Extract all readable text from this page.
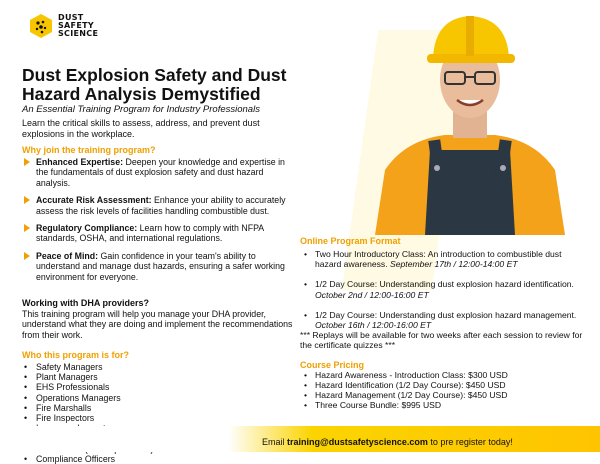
DUST
SAFETY
SCIENCE
Dust Explosion Safety and Dust
Hazard Analysis Demystified
An Essential Training Program for Industry Professionals
Learn the critical skills to assess, address, and prevent dust explosions in the workplace.
Why join the training program?
Enhanced Expertise: Deepen your knowledge and expertise in the fundamentals of dust explosion safety and dust hazard analysis.
Accurate Risk Assessment: Enhance your ability to accurately assess the risk levels of facilities handling combustible dust.
Regulatory Compliance: Learn how to comply with NFPA standards, OSHA, and international regulations.
Peace of Mind: Gain confidence in your team's ability to understand and manage dust hazards, ensuring a safer working environment for everyone.
Working with DHA providers?
This training program will help you manage your DHA provider, understand what they are doing and implement the recommendations from their work.
Who this program is for?
• Safety Managers
• Plant Managers
• EHS Professionals
• Operations Managers
• Fire Marshalls
• Fire Inspectors
•
•
•
• Compliance Officers
Online Program Format
• Two Hour Introductory Class: An introduction to combustible dust hazard awareness. September 17th / 12:00-14:00 ET
• 1/2 Day Course: Understanding dust explosion hazard identification. October 2nd / 12:00-16:00 ET
• 1/2 Day Course: Understanding dust explosion hazard management. October 16th / 12:00-16:00 ET
*** Replays will be available for two weeks after each session to review for the certificate quizzes ***
Course Pricing
• Hazard Awareness - Introduction Class: $300 USD
• Hazard Identification (1/2 Day Course): $450 USD
• Hazard Management (1/2 Day Course): $450 USD
• Three Course Bundle: $995 USD
Email training@dustsafetyscience.com to pre register today!
